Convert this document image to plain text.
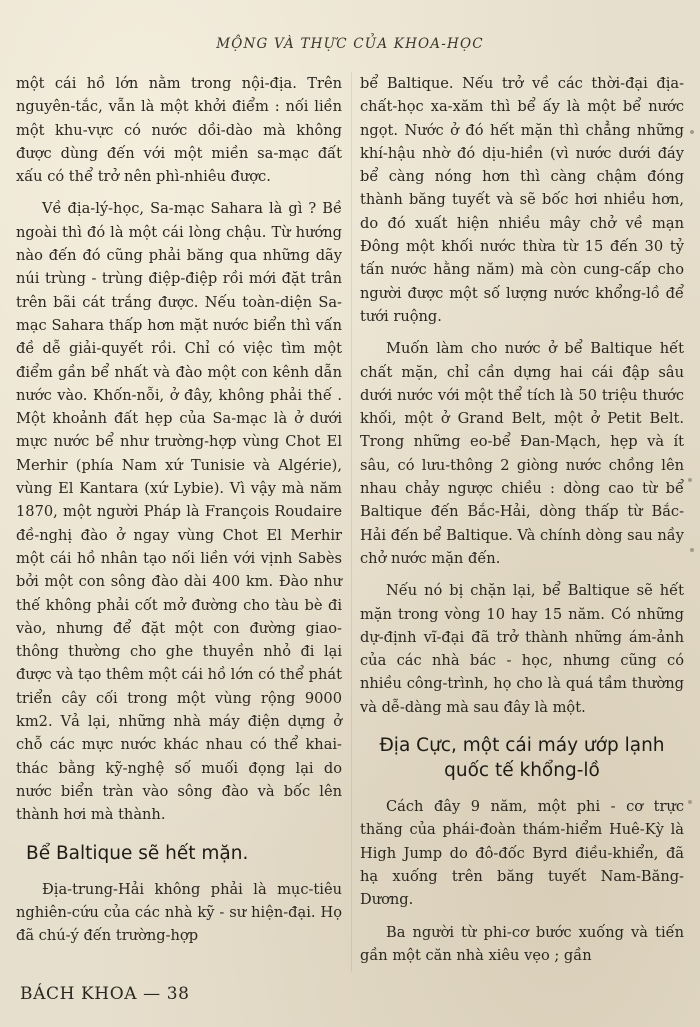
MỘNG VÀ THỰC CỦA KHOA-HỌC

một cái hồ lớn nằm trong nội-địa. Trên nguyên-tắc, vẫn là một khởi điểm : nối liền một khu-vực có nước dồi-dào mà không được dùng đến với một miền sa-mạc đất xấu có thể trở nên phì-nhiêu được.

Về địa-lý-học, Sa-mạc Sahara là gì ? Bề ngoài thì đó là một cái lòng chậu. Từ hướng nào đến đó cũng phải băng qua những dãy núi trùng - trùng điệp-điệp rồi mới đặt trân trên bãi cát trắng được. Nếu toàn-diện Sa-mạc Sahara thấp hơn mặt nước biển thì vấn đề dễ giải-quyết rồi. Chỉ có việc tìm một điểm gần bể nhất và đào một con kênh dẫn nước vào. Khốn-nỗi, ở đây, không phải thế . Một khoảnh đất hẹp của Sa-mạc là ở dưới mực nước bể như trường-hợp vùng Chot El Merhir (phía Nam xứ Tunisie và Algérie), vùng El Kantara (xứ Lybie). Vì vậy mà năm 1870, một người Pháp là François Roudaire đề-nghị đào ở ngay vùng Chot El Merhir một cái hồ nhân tạo nối liền với vịnh Sabès bởi một con sông đào dài 400 km. Đào như thế không phải cốt mở đường cho tàu bè đi vào, nhưng để đặt một con đường giao-thông thường cho ghe thuyền nhỏ đi lại được và tạo thêm một cái hồ lớn có thể phát triển cây cối trong một vùng rộng 9000 km2. Vả lại, những nhà máy điện dựng ở chỗ các mực nước khác nhau có thể khai-thác bằng kỹ-nghệ số muối đọng lại do nước biển tràn vào sông đào và bốc lên thành hơi mà thành.

Bể Baltique sẽ hết mặn.

Địa-trung-Hải không phải là mục-tiêu nghiên-cứu của các nhà kỹ - sư hiện-đại. Họ đã chú-ý đến trường-hợp

bể Baltique. Nếu trở về các thời-đại địa-chất-học xa-xăm thì bể ấy là một bể nước ngọt. Nước ở đó hết mặn thì chẳng những khí-hậu nhờ đó dịu-hiền (vì nước dưới đáy bể càng nóng hơn thì càng chậm đóng thành băng tuyết và sẽ bốc hơi nhiều hơn, do đó xuất hiện nhiều mây chở về mạn Đông một khối nước thừa từ 15 đến 30 tỷ tấn nước hằng năm) mà còn cung-cấp cho người được một số lượng nước khổng-lồ để tưới ruộng.

Muốn làm cho nước ở bể Baltique hết chất mặn, chỉ cần dựng hai cái đập sâu dưới nước với một thể tích là 50 triệu thước khối, một ở Grand Belt, một ở Petit Belt. Trong những eo-bể Đan-Mạch, hẹp và ít sâu, có lưu-thông 2 giòng nước chồng lên nhau chảy ngược chiều : dòng cao từ bể Baltique đến Bắc-Hải, dòng thấp từ Bắc-Hải đến bể Baltique. Và chính dòng sau nầy chở nước mặn đến.

Nếu nó bị chặn lại, bể Baltique sẽ hết mặn trong vòng 10 hay 15 năm. Có những dự-định vĩ-đại đã trở thành những ám-ảnh của các nhà bác - học, nhưng cũng có nhiều công-trình, họ cho là quá tầm thường và dễ-dàng mà sau đây là một.

Địa Cực, một cái máy ướp lạnh
quốc tế khổng-lồ

Cách đây 9 năm, một phi - cơ trực thăng của phái-đoàn thám-hiểm Huê-Kỳ là High Jump do đô-đốc Byrd điều-khiển, đã hạ xuống trên băng tuyết Nam-Băng-Dương.

Ba người từ phi-cơ bước xuống và tiến gần một căn nhà xiêu vẹo ; gần

BÁCH KHOA — 38
